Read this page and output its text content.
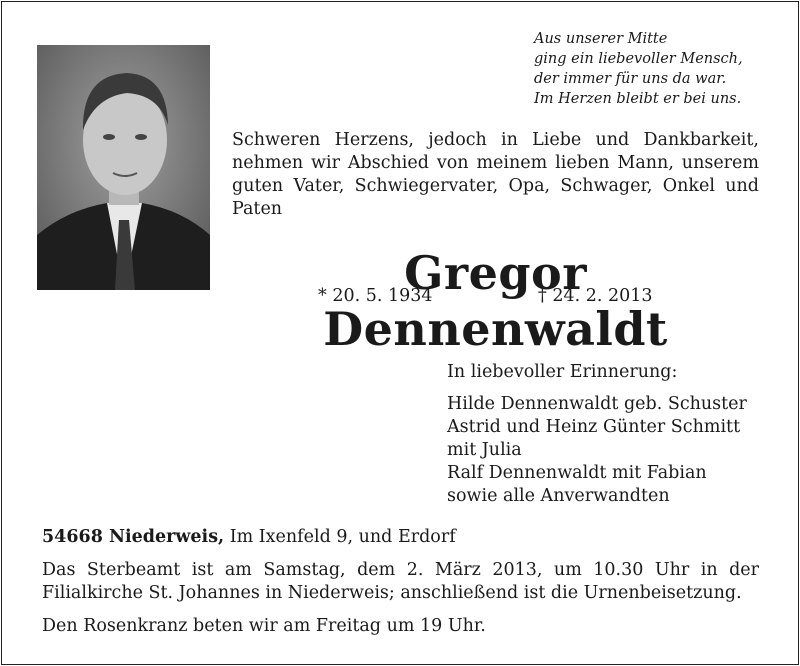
Aus unserer Mitte
ging ein liebevoller Mensch,
der immer für uns da war.
Im Herzen bleibt er bei uns.
Schweren Herzens, jedoch in Liebe und Dankbarkeit, nehmen wir Abschied von meinem lieben Mann, unserem guten Vater, Schwiegervater, Opa, Schwager, Onkel und Paten
Gregor Dennenwaldt
* 20. 5. 1934	† 24. 2. 2013
In liebevoller Erinnerung:
Hilde Dennenwaldt geb. Schuster
Astrid und Heinz Günter Schmitt
mit Julia
Ralf Dennenwaldt mit Fabian
sowie alle Anverwandten
54668 Niederweis, Im Ixenfeld 9, und Erdorf
Das Sterbeamt ist am Samstag, dem 2. März 2013, um 10.30 Uhr in der Filialkirche St. Johannes in Niederweis; anschließend ist die Urnenbeisetzung.
Den Rosenkranz beten wir am Freitag um 19 Uhr.
